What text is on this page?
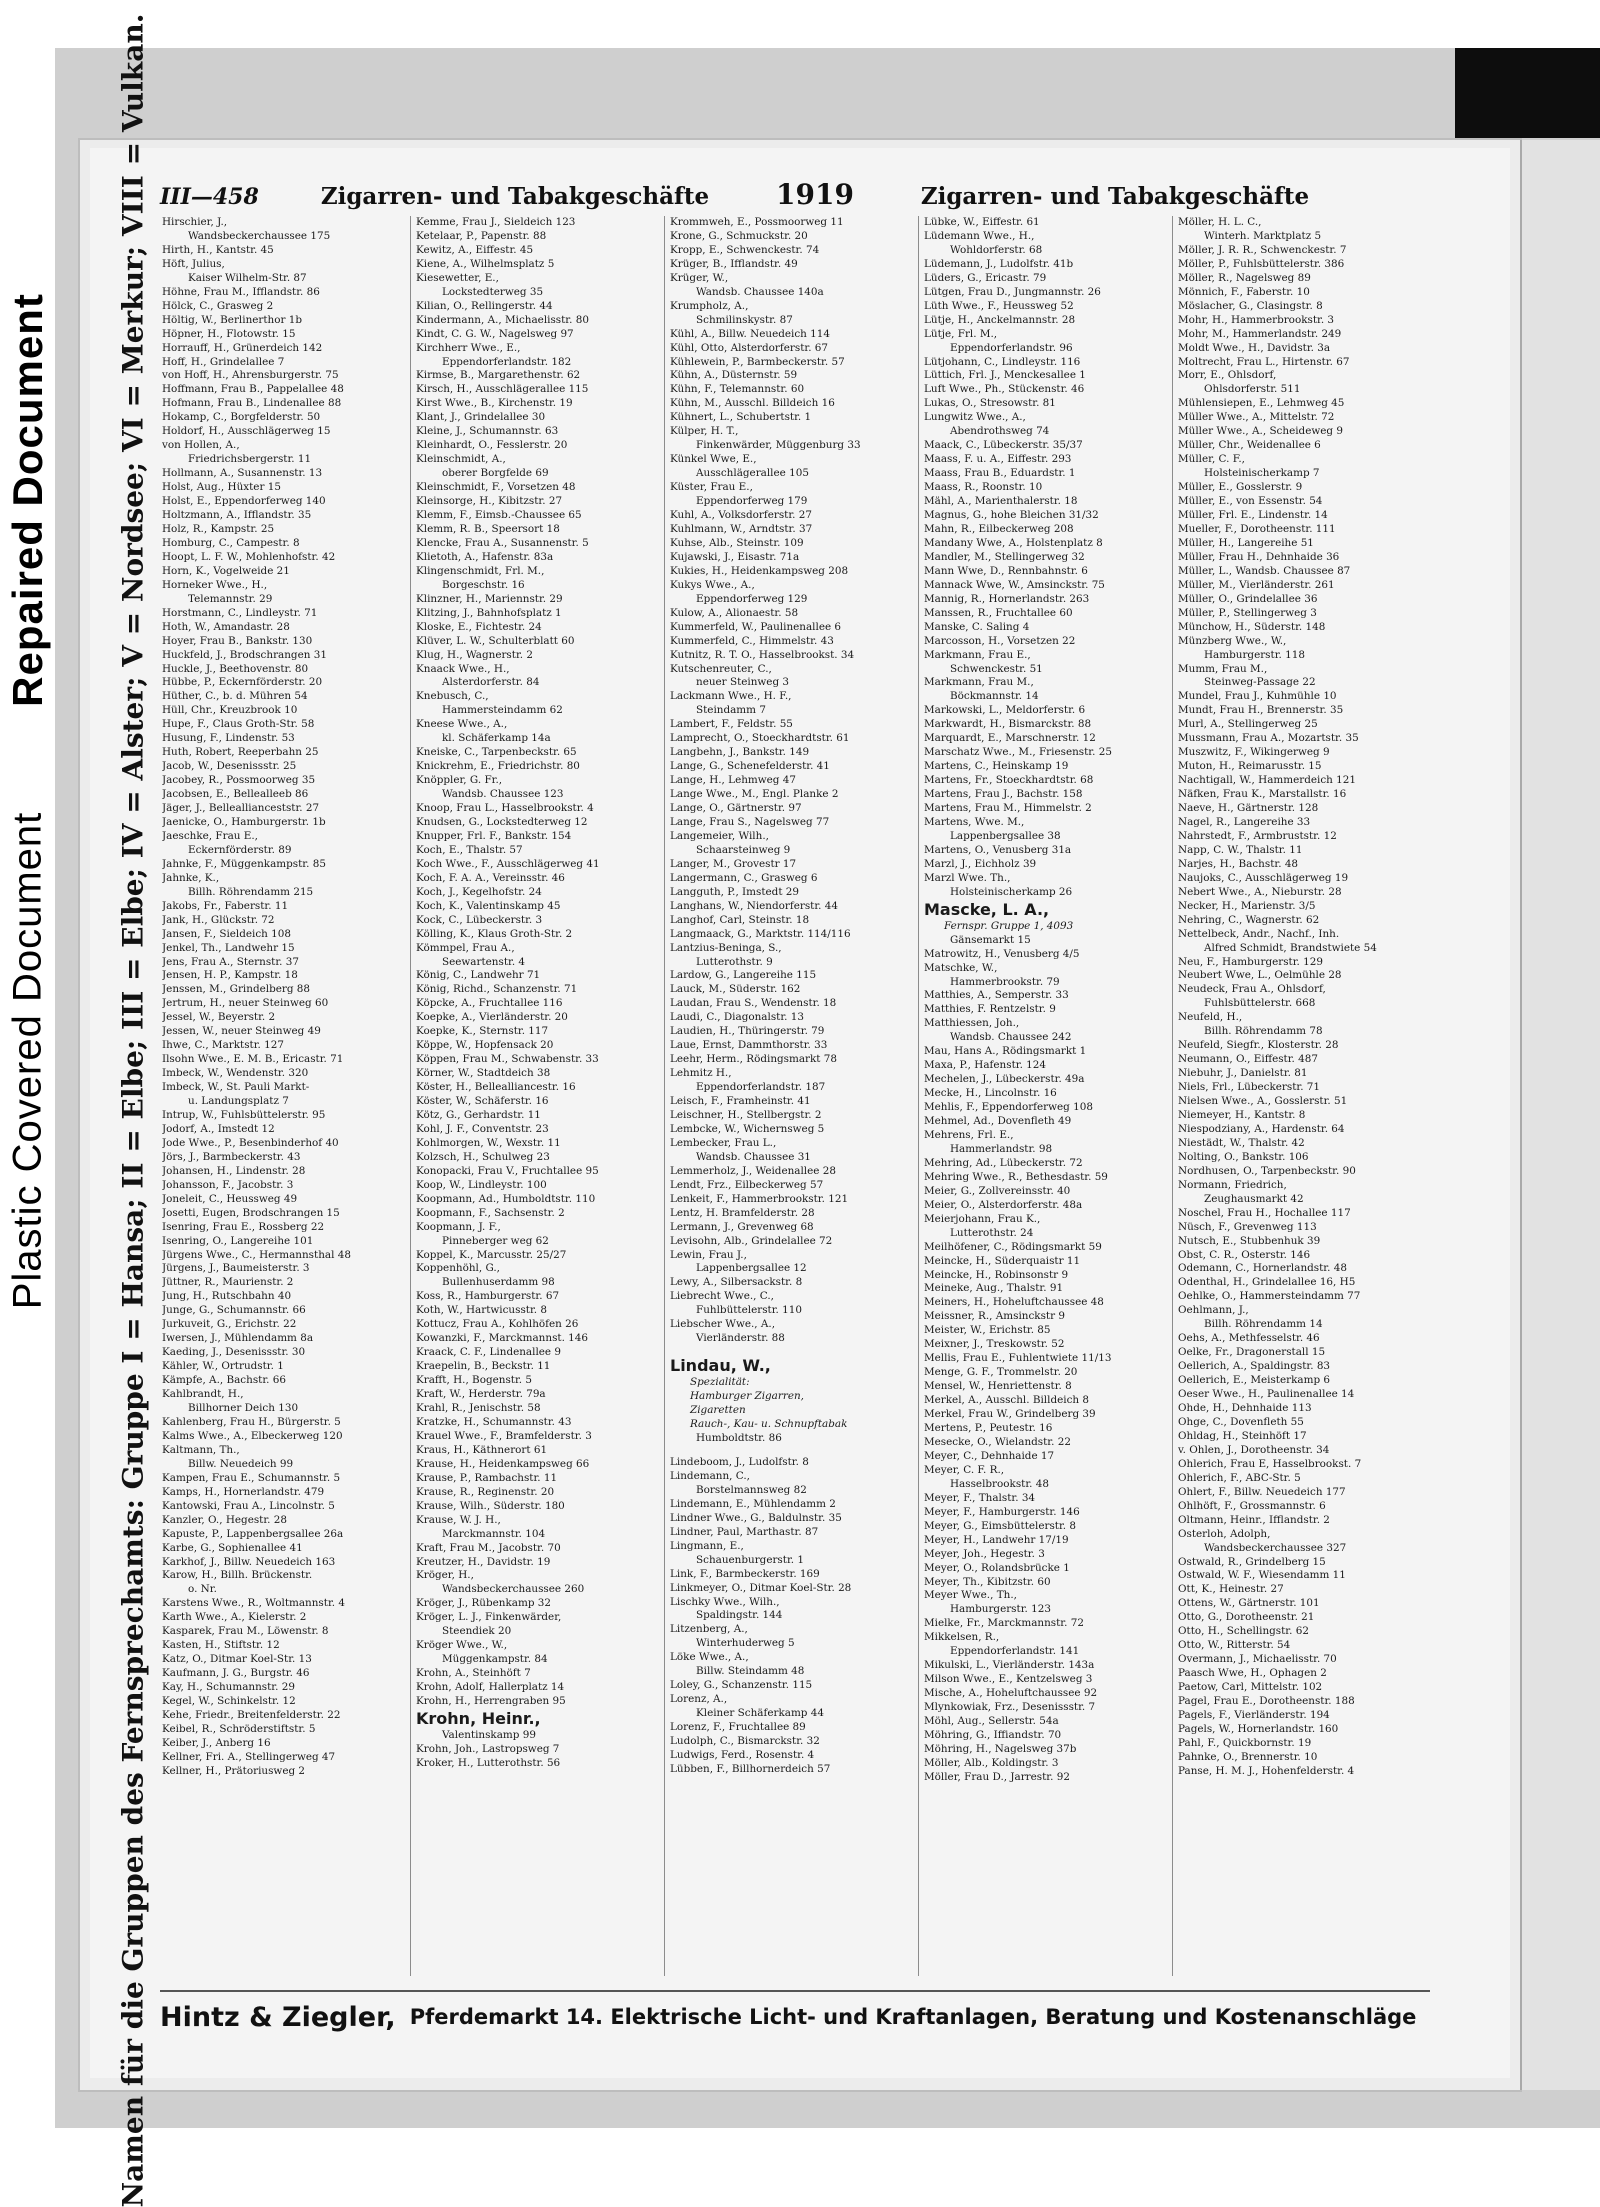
Repaired Document
Plastic Covered Document
III—458	Zigarren- und Tabakgeschäfte	1919	Zigarren- und Tabakgeschäfte
Namen für die Gruppen des Fernsprechamts: Gruppe I = Hansa; II = Elbe; III = Elbe; IV = Alster; V = Nordsee; VI = Merkur; VIII = Vulkan. Hirschier, J.,
Wandsbeckerchaussee 175
Hirth, H., Kantstr. 45
Höft, Julius,
Kaiser Wilhelm-Str. 87
Höhne, Frau M., Ifflandstr. 86
Hölck, C., Grasweg 2
Höltig, W., Berlinerthor 1b
Höpner, H., Flotowstr. 15
Horrauff, H., Grünerdeich 142
Hoff, H., Grindelallee 7
von Hoff, H., Ahrensburgerstr. 75
Hoffmann, Frau B., Pappelallee 48
Hofmann, Frau B., Lindenallee 88
Hokamp, C., Borgfelderstr. 50
Holdorf, H., Ausschlägerweg 15
von Hollen, A.,
Friedrichsbergerstr. 11
Hollmann, A., Susannenstr. 13
Holst, Aug., Hüxter 15
Holst, E., Eppendorferweg 140
Holtzmann, A., Ifflandstr. 35
Holz, R., Kampstr. 25
Homburg, C., Campestr. 8
Hoopt, L. F. W., Mohlenhofstr. 42
Horn, K., Vogelweide 21
Horneker Wwe., H.,
Telemannstr. 29
Horstmann, C., Lindleystr. 71
Hoth, W., Amandastr. 28
Hoyer, Frau B., Bankstr. 130
Huckfeld, J., Brodschrangen 31
Huckle, J., Beethovenstr. 80
Hübbe, P., Eckernförderstr. 20
Hüther, C., b. d. Mühren 54
Hüll, Chr., Kreuzbrook 10
Hupe, F., Claus Groth-Str. 58
Husung, F., Lindenstr. 53
Huth, Robert, Reeperbahn 25
Jacob, W., Desenissstr. 25
Jacobey, R., Possmoorweg 35
Jacobsen, E., Bellealleeb 86
Jäger, J., Belleallianceststr. 27
Jaenicke, O., Hamburgerstr. 1b
Jaeschke, Frau E.,
Eckernförderstr. 89
Jahnke, F., Müggenkampstr. 85
Jahnke, K.,
Billh. Röhrendamm 215
Jakobs, Fr., Faberstr. 11
Jank, H., Glückstr. 72
Jansen, F., Sieldeich 108
Jenkel, Th., Landwehr 15
Jens, Frau A., Sternstr. 37
Jensen, H. P., Kampstr. 18
Jenssen, M., Grindelberg 88
Jertrum, H., neuer Steinweg 60
Jessel, W., Beyerstr. 2
Jessen, W., neuer Steinweg 49
Ihwe, C., Marktstr. 127
Ilsohn Wwe., E. M. B., Ericastr. 71
Imbeck, W., Wendenstr. 320
Imbeck, W., St. Pauli Markt-
u. Landungsplatz 7
Intrup, W., Fuhlsbüttelerstr. 95
Jodorf, A., Imstedt 12
Jode Wwe., P., Besenbinderhof 40
Jörs, J., Barmbeckerstr. 43
Johansen, H., Lindenstr. 28
Johansson, F., Jacobstr. 3
Joneleit, C., Heussweg 49
Josetti, Eugen, Brodschrangen 15
Isenring, Frau E., Rossberg 22
Isenring, O., Langereihe 101
Jürgens Wwe., C., Hermannsthal 48
Jürgens, J., Baumeisterstr. 3
Jüttner, R., Maurienstr. 2
Jung, H., Rutschbahn 40
Junge, G., Schumannstr. 66
Jurkuveit, G., Erichstr. 22
Iwersen, J., Mühlendamm 8a
Kaeding, J., Desenissstr. 30
Kähler, W., Ortrudstr. 1
Kämpfe, A., Bachstr. 66
Kahlbrandt, H.,
Billhorner Deich 130
Kahlenberg, Frau H., Bürgerstr. 5
Kalms Wwe., A., Elbeckerweg 120
Kaltmann, Th.,
Billw. Neuedeich 99
Kampen, Frau E., Schumannstr. 5
Kamps, H., Hornerlandstr. 479
Kantowski, Frau A., Lincolnstr. 5
Kanzler, O., Hegestr. 28
Kapuste, P., Lappenbergsallee 26a
Karbe, G., Sophienallee 41
Karkhof, J., Billw. Neuedeich 163
Karow, H., Billh. Brückenstr.
o. Nr.
Karstens Wwe., R., Woltmannstr. 4
Karth Wwe., A., Kielerstr. 2
Kasparek, Frau M., Löwenstr. 8
Kasten, H., Stiftstr. 12
Katz, O., Ditmar Koel-Str. 13
Kaufmann, J. G., Burgstr. 46
Kay, H., Schumannstr. 29
Kegel, W., Schinkelstr. 12
Kehe, Friedr., Breitenfelderstr. 22
Keibel, R., Schröderstiftstr. 5
Keiber, J., Anberg 16
Kellner, Fri. A., Stellingerweg 47
Kellner, H., Prätoriusweg 2
Kemme, Frau J., Sieldeich 123
Ketelaar, P., Papenstr. 88
Kewitz, A., Eiffestr. 45
Kiene, A., Wilhelmsplatz 5
Kiesewetter, E.,
Lockstedterweg 35
Kilian, O., Rellingerstr. 44
Kindermann, A., Michaelisstr. 80
Kindt, C. G. W., Nagelsweg 97
Kirchherr Wwe., E.,
Eppendorferlandstr. 182
Kirmse, B., Margarethenstr. 62
Kirsch, H., Ausschlägerallee 115
Kirst Wwe., B., Kirchenstr. 19
Klant, J., Grindelallee 30
Kleine, J., Schumannstr. 63
Kleinhardt, O., Fesslerstr. 20
Kleinschmidt, A.,
oberer Borgfelde 69
Kleinschmidt, F., Vorsetzen 48
Kleinsorge, H., Kibitzstr. 27
Klemm, F., Eimsb.-Chaussee 65
Klemm, R. B., Speersort 18
Klencke, Frau A., Susannenstr. 5
Klietoth, A., Hafenstr. 83a
Klingenschmidt, Frl. M.,
Borgeschstr. 16
Klinzner, H., Mariennstr. 29
Klitzing, J., Bahnhofsplatz 1
Kloske, E., Fichtestr. 24
Klüver, L. W., Schulterblatt 60
Klug, H., Wagnerstr. 2
Knaack Wwe., H.,
Alsterdorferstr. 84
Knebusch, C.,
Hammersteindamm 62
Kneese Wwe., A.,
kl. Schäferkamp 14a
Kneiske, C., Tarpenbeckstr. 65
Knickrehm, E., Friedrichstr. 80
Knöppler, G. Fr.,
Wandsb. Chaussee 123
Knoop, Frau L., Hasselbrookstr. 4
Knudsen, G., Lockstedterweg 12
Knupper, Frl. F., Bankstr. 154
Koch, E., Thalstr. 57
Koch Wwe., F., Ausschlägerweg 41
Koch, F. A. A., Vereinsstr. 46
Koch, J., Kegelhofstr. 24
Koch, K., Valentinskamp 45
Kock, C., Lübeckerstr. 3
Kölling, K., Klaus Groth-Str. 2
Kömmpel, Frau A.,
Seewartenstr. 4
König, C., Landwehr 71
König, Richd., Schanzenstr. 71
Köpcke, A., Fruchtallee 116
Koepke, A., Vierländerstr. 20
Koepke, K., Sternstr. 117
Köppe, W., Hopfensack 20
Köppen, Frau M., Schwabenstr. 33
Körner, W., Stadtdeich 38
Köster, H., Bellealliancestr. 16
Köster, W., Schäferstr. 16
Kötz, G., Gerhardstr. 11
Kohl, J. F., Conventstr. 23
Kohlmorgen, W., Wexstr. 11
Kolzsch, H., Schulweg 23
Konopacki, Frau V., Fruchtallee 95
Koop, W., Lindleystr. 100
Koopmann, Ad., Humboldtstr. 110
Koopmann, F., Sachsenstr. 2
Koopmann, J. F.,
Pinneberger weg 62
Koppel, K., Marcusstr. 25/27
Koppenhöhl, G.,
Bullenhuserdamm 98
Koss, R., Hamburgerstr. 67
Koth, W., Hartwicusstr. 8
Kottucz, Frau A., Kohlhöfen 26
Kowanzki, F., Marckmannst. 146
Kraack, C. F., Lindenallee 9
Kraepelin, B., Beckstr. 11
Krafft, H., Bogenstr. 5
Kraft, W., Herderstr. 79a
Krahl, R., Jenischstr. 58
Kratzke, H., Schumannstr. 43
Krauel Wwe., F., Bramfelderstr. 3
Kraus, H., Käthnerort 61
Krause, H., Heidenkampsweg 66
Krause, P., Rambachstr. 11
Krause, R., Reginenstr. 20
Krause, Wilh., Süderstr. 180
Krause, W. J. H.,
Marckmannstr. 104
Kraft, Frau M., Jacobstr. 70
Kreutzer, H., Davidstr. 19
Kröger, H.,
Wandsbeckerchaussee 260
Kröger, J., Rübenkamp 32
Kröger, L. J., Finkenwärder,
Steendiek 20
Kröger Wwe., W.,
Müggenkampstr. 84
Krohn, A., Steinhöft 7
Krohn, Adolf, Hallerplatz 14
Krohn, H., Herrengraben 95
Krohn, Heinr.,
Valentinskamp 99
Krohn, Joh., Lastropsweg 7
Kroker, H., Lutterothstr. 56
Krommweh, E., Possmoorweg 11
Krone, G., Schmuckstr. 20
Kropp, E., Schwenckestr. 74
Krüger, B., Ifflandstr. 49
Krüger, W.,
Wandsb. Chaussee 140a
Krumpholz, A.,
Schmilinskystr. 87
Kühl, A., Billw. Neuedeich 114
Kühl, Otto, Alsterdorferstr. 67
Kühlewein, P., Barmbeckerstr. 57
Kühn, A., Düsternstr. 59
Kühn, F., Telemannstr. 60
Kühn, M., Ausschl. Billdeich 16
Kühnert, L., Schubertstr. 1
Külper, H. T.,
Finkenwärder, Müggenburg 33
Künkel Wwe, E.,
Ausschlägerallee 105
Küster, Frau E.,
Eppendorferweg 179
Kuhl, A., Volksdorferstr. 27
Kuhlmann, W., Arndtstr. 37
Kuhse, Alb., Steinstr. 109
Kujawski, J., Eisastr. 71a
Kukies, H., Heidenkampsweg 208
Kukys Wwe., A.,
Eppendorferweg 129
Kulow, A., Alionaestr. 58
Kummerfeld, W., Paulinenallee 6
Kummerfeld, C., Himmelstr. 43
Kutnitz, R. T. O., Hasselbrookst. 34
Kutschenreuter, C.,
neuer Steinweg 3
Lackmann Wwe., H. F.,
Steindamm 7
Lambert, F., Feldstr. 55
Lamprecht, O., Stoeckhardtstr. 61
Langbehn, J., Bankstr. 149
Lange, G., Schenefelderstr. 41
Lange, H., Lehmweg 47
Lange Wwe., M., Engl. Planke 2
Lange, O., Gärtnerstr. 97
Lange, Frau S., Nagelsweg 77
Langemeier, Wilh.,
Schaarsteinweg 9
Langer, M., Grovestr 17
Langermann, C., Grasweg 6
Langguth, P., Imstedt 29
Langhans, W., Niendorferstr. 44
Langhof, Carl, Steinstr. 18
Langmaack, G., Marktstr. 114/116
Lantzius-Beninga, S.,
Lutterothstr. 9
Lardow, G., Langereihe 115
Lauck, M., Süderstr. 162
Laudan, Frau S., Wendenstr. 18
Laudi, C., Diagonalstr. 13
Laudien, H., Thüringerstr. 79
Laue, Ernst, Dammthorstr. 33
Leehr, Herm., Rödingsmarkt 78
Lehmitz H.,
Eppendorferlandstr. 187
Leisch, F., Framheinstr. 41
Leischner, H., Stellbergstr. 2
Lembcke, W., Wichernsweg 5
Lembecker, Frau L.,
Wandsb. Chaussee 31
Lemmerholz, J., Weidenallee 28
Lendt, Frz., Eilbeckerweg 57
Lenkeit, F., Hammerbrookstr. 121
Lentz, H. Bramfelderstr. 28
Lermann, J., Grevenweg 68
Levisohn, Alb., Grindelallee 72
Lewin, Frau J.,
Lappenbergsallee 12
Lewy, A., Silbersackstr. 8
Liebrecht Wwe., C.,
Fuhlbüttelerstr. 110
Liebscher Wwe., A.,
Vierländerstr. 88
Lindau, W.,
Spezialität:
Hamburger Zigarren,
Zigaretten
Rauch-, Kau- u. Schnupftabak
Humboldtstr. 86
Lindeboom, J., Ludolfstr. 8
Lindemann, C.,
Borstelmannsweg 82
Lindemann, E., Mühlendamm 2
Lindner Wwe., G., Baldulnstr. 35
Lindner, Paul, Marthastr. 87
Lingmann, E.,
Schauenburgerstr. 1
Link, F., Barmbeckerstr. 169
Linkmeyer, O., Ditmar Koel-Str. 28
Lischky Wwe., Wilh.,
Spaldingstr. 144
Litzenberg, A.,
Winterhuderweg 5
Löke Wwe., A.,
Billw. Steindamm 48
Loley, G., Schanzenstr. 115
Lorenz, A.,
Kleiner Schäferkamp 44
Lorenz, F., Fruchtallee 89
Ludolph, C., Bismarckstr. 32
Ludwigs, Ferd., Rosenstr. 4
Lübben, F., Billhornerdeich 57
Lübke, W., Eiffestr. 61
Lüdemann Wwe., H.,
Wohldorferstr. 68
Lüdemann, J., Ludolfstr. 41b
Lüders, G., Ericastr. 79
Lütgen, Frau D., Jungmannstr. 26
Lüth Wwe., F., Heussweg 52
Lütje, H., Anckelmannstr. 28
Lütje, Frl. M.,
Eppendorferlandstr. 96
Lütjohann, C., Lindleystr. 116
Lüttich, Frl. J., Menckesallee 1
Luft Wwe., Ph., Stückenstr. 46
Lukas, O., Stresowstr. 81
Lungwitz Wwe., A.,
Abendrothsweg 74
Maack, C., Lübeckerstr. 35/37
Maass, F. u. A., Eiffestr. 293
Maass, Frau B., Eduardstr. 1
Maass, R., Roonstr. 10
Mähl, A., Marienthalerstr. 18
Magnus, G., hohe Bleichen 31/32
Mahn, R., Eilbeckerweg 208
Mandany Wwe, A., Holstenplatz 8
Mandler, M., Stellingerweg 32
Mann Wwe, D., Rennbahnstr. 6
Mannack Wwe, W., Amsinckstr. 75
Mannig, R., Hornerlandstr. 263
Manssen, R., Fruchtallee 60
Manske, C. Saling 4
Marcosson, H., Vorsetzen 22
Markmann, Frau E.,
Schwenckestr. 51
Markmann, Frau M.,
Böckmannstr. 14
Markowski, L., Meldorferstr. 6
Markwardt, H., Bismarckstr. 88
Marquardt, E., Marschnerstr. 12
Marschatz Wwe., M., Friesenstr. 25
Martens, C., Heinskamp 19
Martens, Fr., Stoeckhardtstr. 68
Martens, Frau J., Bachstr. 158
Martens, Frau M., Himmelstr. 2
Martens, Wwe. M.,
Lappenbergsallee 38
Martens, O., Venusberg 31a
Marzl, J., Eichholz 39
Marzl Wwe. Th.,
Holsteinischerkamp 26
Mascke, L. A.,
Fernspr. Gruppe 1, 4093
Gänsemarkt 15
Matrowitz, H., Venusberg 4/5
Matschke, W.,
Hammerbrookstr. 79
Matthies, A., Semperstr. 33
Matthies, F. Rentzelstr. 9
Matthiessen, Joh.,
Wandsb. Chaussee 242
Mau, Hans A., Rödingsmarkt 1
Maxa, P., Hafenstr. 124
Mechelen, J., Lübeckerstr. 49a
Mecke, H., Lincolnstr. 16
Mehlis, F., Eppendorferweg 108
Mehmel, Ad., Dovenfleth 49
Mehrens, Frl. E.,
Hammerlandstr. 98
Mehring, Ad., Lübeckerstr. 72
Mehring Wwe., R., Bethesdastr. 59
Meier, G., Zollvereinsstr. 40
Meier, O., Alsterdorferstr. 48a
Meierjohann, Frau K.,
Lutterothstr. 24
Meilhöfener, C., Rödingsmarkt 59
Meincke, H., Süderquaistr 11
Meincke, H., Robinsonstr 9
Meineke, Aug., Thalstr. 91
Meiners, H., Hoheluftchaussee 48
Meissner, R., Amsinckstr 9
Meister, W., Erichstr. 85
Meixner, J., Treskowstr. 52
Mellis, Frau E., Fuhlentwiete 11/13
Menge, G. F., Trommelstr. 20
Mensel, W., Henriettenstr. 8
Merkel, A., Ausschl. Billdeich 8
Merkel, Frau W., Grindelberg 39
Mertens, P., Peutestr. 16
Mesecke, O., Wielandstr. 22
Meyer, C., Dehnhaide 17
Meyer, C. F. R.,
Hasselbrookstr. 48
Meyer, F., Thalstr. 34
Meyer, F., Hamburgerstr. 146
Meyer, G., Eimsbüttelerstr. 8
Meyer, H., Landwehr 17/19
Meyer, Joh., Hegestr. 3
Meyer, O., Rolandsbrücke 1
Meyer, Th., Kibitzstr. 60
Meyer Wwe., Th.,
Hamburgerstr. 123
Mielke, Fr., Marckmannstr. 72
Mikkelsen, R.,
Eppendorferlandstr. 141
Mikulski, L., Vierländerstr. 143a
Milson Wwe., E., Kentzelsweg 3
Mische, A., Hoheluftchaussee 92
Mlynkowiak, Frz., Desenissstr. 7
Möhl, Aug., Sellerstr. 54a
Möhring, G., Iffiandstr. 70
Möhring, H., Nagelsweg 37b
Möller, Alb., Koldingstr. 3
Möller, Frau D., Jarrestr. 92
Möller, H. L. C.,
Winterh. Marktplatz 5
Möller, J. R. R., Schwenckestr. 7
Möller, P., Fuhlsbüttelerstr. 386
Möller, R., Nagelsweg 89
Mönnich, F., Faberstr. 10
Möslacher, G., Clasingstr. 8
Mohr, H., Hammerbrookstr. 3
Mohr, M., Hammerlandstr. 249
Moldt Wwe., H., Davidstr. 3a
Moltrecht, Frau L., Hirtenstr. 67
Morr, E., Ohlsdorf,
Ohlsdorferstr. 511
Mühlensiepen, E., Lehmweg 45
Müller Wwe., A., Mittelstr. 72
Müller Wwe., A., Scheideweg 9
Müller, Chr., Weidenallee 6
Müller, C. F.,
Holsteinischerkamp 7
Müller, E., Gosslerstr. 9
Müller, E., von Essenstr. 54
Müller, Frl. E., Lindenstr. 14
Mueller, F., Dorotheenstr. 111
Müller, H., Langereihe 51
Müller, Frau H., Dehnhaide 36
Müller, L., Wandsb. Chaussee 87
Müller, M., Vierländerstr. 261
Müller, O., Grindelallee 36
Müller, P., Stellingerweg 3
Münchow, H., Süderstr. 148
Münzberg Wwe., W.,
Hamburgerstr. 118
Mumm, Frau M.,
Steinweg-Passage 22
Mundel, Frau J., Kuhmühle 10
Mundt, Frau H., Brennerstr. 35
Murl, A., Stellingerweg 25
Mussmann, Frau A., Mozartstr. 35
Muszwitz, F., Wikingerweg 9
Muton, H., Reimarusstr. 15
Nachtigall, W., Hammerdeich 121
Näfken, Frau K., Marstallstr. 16
Naeve, H., Gärtnerstr. 128
Nagel, R., Langereihe 33
Nahrstedt, F., Armbruststr. 12
Napp, C. W., Thalstr. 11
Narjes, H., Bachstr. 48
Naujoks, C., Ausschlägerweg 19
Nebert Wwe., A., Nieburstr. 28
Necker, H., Marienstr. 3/5
Nehring, C., Wagnerstr. 62
Nettelbeck, Andr., Nachf., Inh.
Alfred Schmidt, Brandstwiete 54
Neu, F., Hamburgerstr. 129
Neubert Wwe, L., Oelmühle 28
Neudeck, Frau A., Ohlsdorf,
Fuhlsbüttelerstr. 668
Neufeld, H.,
Billh. Röhrendamm 78
Neufeld, Siegfr., Klosterstr. 28
Neumann, O., Eiffestr. 487
Niebuhr, J., Danielstr. 81
Niels, Frl., Lübeckerstr. 71
Nielsen Wwe., A., Gosslerstr. 51
Niemeyer, H., Kantstr. 8
Niespodziany, A., Hardenstr. 64
Niestädt, W., Thalstr. 42
Nolting, O., Bankstr. 106
Nordhusen, O., Tarpenbeckstr. 90
Normann, Friedrich,
Zeughausmarkt 42
Noschel, Frau H., Hochallee 117
Nüsch, F., Grevenweg 113
Nutsch, E., Stubbenhuk 39
Obst, C. R., Osterstr. 146
Odemann, C., Hornerlandstr. 48
Odenthal, H., Grindelallee 16, H5
Oehlke, O., Hammersteindamm 77
Oehlmann, J.,
Billh. Röhrendamm 14
Oehs, A., Methfesselstr. 46
Oelke, Fr., Dragonerstall 15
Oellerich, A., Spaldingstr. 83
Oellerich, E., Meisterkamp 6
Oeser Wwe., H., Paulinenallee 14
Ohde, H., Dehnhaide 113
Ohge, C., Dovenfleth 55
Ohldag, H., Steinhöft 17
v. Ohlen, J., Dorotheenstr. 34
Ohlerich, Frau E, Hasselbrookst. 7
Ohlerich, F., ABC-Str. 5
Ohlert, F., Billw. Neuedeich 177
Ohlhöft, F., Grossmannstr. 6
Oltmann, Heinr., Ifflandstr. 2
Osterloh, Adolph,
Wandsbeckerchaussee 327
Ostwald, R., Grindelberg 15
Ostwald, W. F., Wiesendamm 11
Ott, K., Heinestr. 27
Ottens, W., Gärtnerstr. 101
Otto, G., Dorotheenstr. 21
Otto, H., Schellingstr. 62
Otto, W., Ritterstr. 54
Overmann, J., Michaelisstr. 70
Paasch Wwe, H., Ophagen 2
Paetow, Carl, Mittelstr. 102
Pagel, Frau E., Dorotheenstr. 188
Pagels, F., Vierländerstr. 194
Pagels, W., Hornerlandstr. 160
Pahl, F., Quickbornstr. 19
Pahnke, O., Brennerstr. 10
Panse, H. M. J., Hohenfelderstr. 4
Hintz & Ziegler, Pferdemarkt 14. Elektrische Licht- und Kraftanlagen, Beratung und Kostenanschläge
